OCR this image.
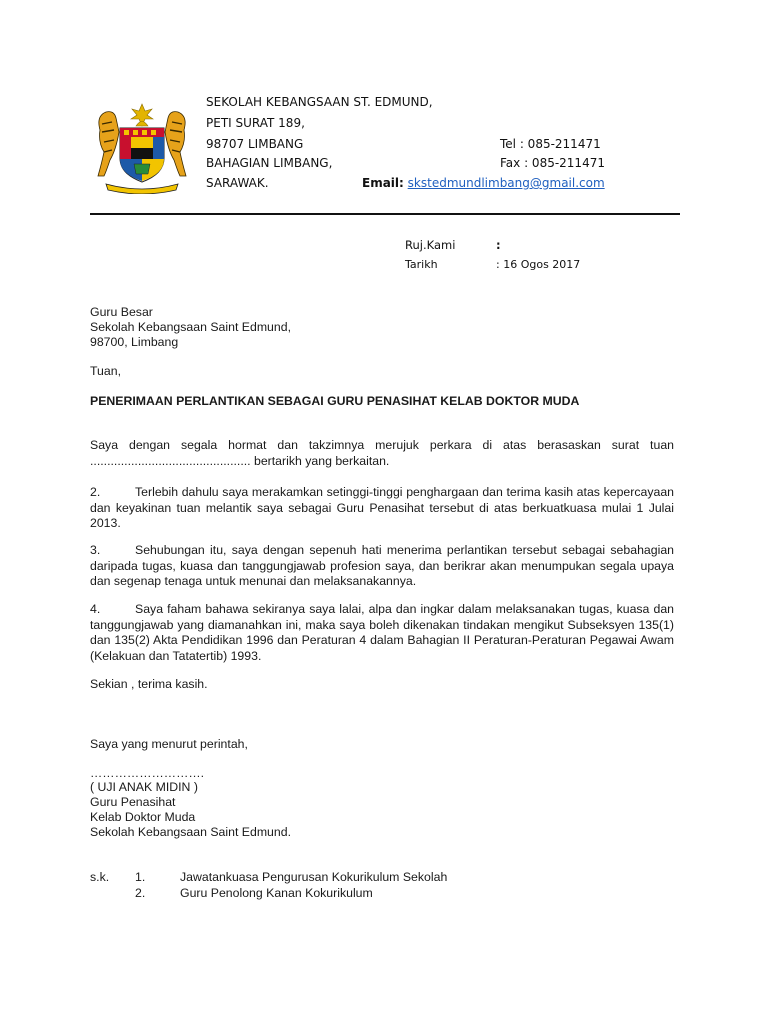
SEKOLAH KEBANGSAAN ST. EDMUND,
PETI SURAT 189,
98707 LIMBANG
BAHAGIAN LIMBANG,
SARAWAK.
Tel : 085-211471
Fax : 085-211471
Email: skstedmundlimbang@gmail.com
Ruj.Kami	:
Tarikh	: 16 Ogos 2017
Guru Besar
Sekolah Kebangsaan Saint Edmund,
98700, Limbang
Tuan,
PENERIMAAN PERLANTIKAN SEBAGAI GURU PENASIHAT KELAB DOKTOR MUDA
Saya dengan segala hormat dan takzimnya merujuk perkara di atas berasaskan surat tuan ............................................... bertarikh yang berkaitan.
2.	Terlebih dahulu saya merakamkan setinggi-tinggi penghargaan dan terima kasih atas kepercayaan dan keyakinan tuan melantik saya sebagai Guru Penasihat tersebut di atas berkuatkuasa mulai 1 Julai 2013.
3.	Sehubungan itu, saya dengan sepenuh hati menerima perlantikan tersebut sebagai sebahagian daripada tugas, kuasa dan tanggungjawab profesion saya, dan berikrar akan menumpukan segala upaya dan segenap tenaga untuk menunai dan melaksanakannya.
4.	Saya faham bahawa sekiranya saya lalai, alpa dan ingkar dalam melaksanakan tugas, kuasa dan tanggungjawab yang diamanahkan ini, maka saya boleh dikenakan tindakan mengikut Subseksyen 135(1) dan 135(2) Akta Pendidikan 1996 dan Peraturan 4 dalam Bahagian II Peraturan-Peraturan Pegawai Awam (Kelakuan dan Tatatertib) 1993.
Sekian , terima kasih.
Saya yang menurut perintah,
……………………….
( UJI ANAK MIDIN )
Guru Penasihat
Kelab Doktor Muda
Sekolah Kebangsaan Saint Edmund.
s.k. 1.	Jawatankuasa Pengurusan Kokurikulum Sekolah
2.	Guru Penolong Kanan Kokurikulum
